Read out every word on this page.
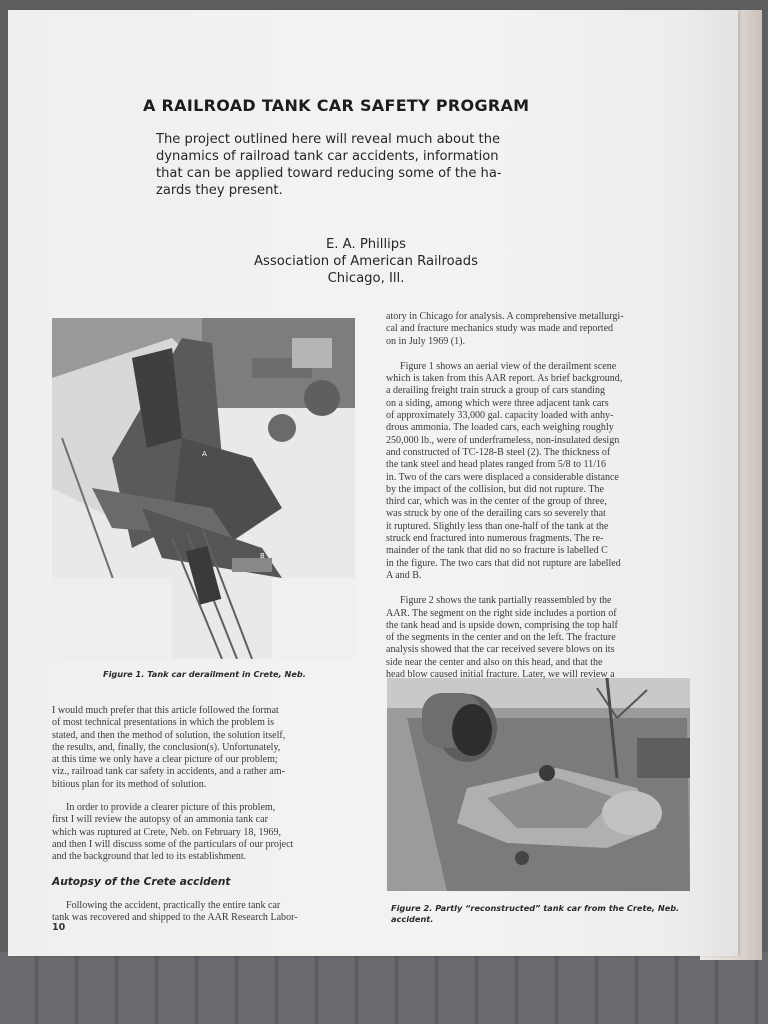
A RAILROAD TANK CAR SAFETY PROGRAM
The project outlined here will reveal much about the
dynamics of railroad tank car accidents, information
that can be applied toward reducing some of the ha-
zards they present.
E. A. Phillips
Association of American Railroads
Chicago, Ill.
A
B
C
Figure 1. Tank car derailment in Crete, Neb.
Figure 2. Partly “reconstructed” tank car from the Crete, Neb.
accident.

I would much prefer that this article followed the format
of most technical presentations in which the problem is
stated, and then the method of solution, the solution itself,
the results, and, finally, the conclusion(s). Unfortunately,
at this time we only have a clear picture of our problem;
viz., railroad tank car safety in accidents, and a rather am-
bitious plan for its method of solution.

In order to provide a clearer picture of this problem,
first I will review the autopsy of an ammonia tank car
which was ruptured at Crete, Neb. on February 18, 1969,
and then I will discuss some of the particulars of our project
and the background that led to its establishment.

Autopsy of the Crete accident

Following the accident, practically the entire tank car
tank was recovered and shipped to the AAR Research Labor-

10

atory in Chicago for analysis. A comprehensive metallurgi-
cal and fracture mechanics study was made and reported
on in July 1969 (1).

Figure 1 shows an aerial view of the derailment scene
which is taken from this AAR report. As brief background,
a derailing freight train struck a group of cars standing
on a siding, among which were three adjacent tank cars
of approximately 33,000 gal. capacity loaded with anhy-
drous ammonia. The loaded cars, each weighing roughly
250,000 lb., were of underframeless, non-insulated design
and constructed of TC-128-B steel (2). The thickness of
the tank steel and head plates ranged from 5/8 to 11/16
in. Two of the cars were displaced a considerable distance
by the impact of the collision, but did not rupture. The
third car, which was in the center of the group of three,
was struck by one of the derailing cars so severely that
it ruptured. Slightly less than one-half of the tank at the
struck end fractured into numerous fragments. The re-
mainder of the tank that did no so fracture is labelled C
in the figure. The two cars that did not rupture are labelled
A and B.

Figure 2 shows the tank partially reassembled by the
AAR. The segment on the right side includes a portion of
the tank head and is upside down, comprising the top half
of the segments in the center and on the left. The fracture
analysis showed that the car received severe blows on its
side near the center and also on this head, and that the
head blow caused initial fracture. Later, we will review a
